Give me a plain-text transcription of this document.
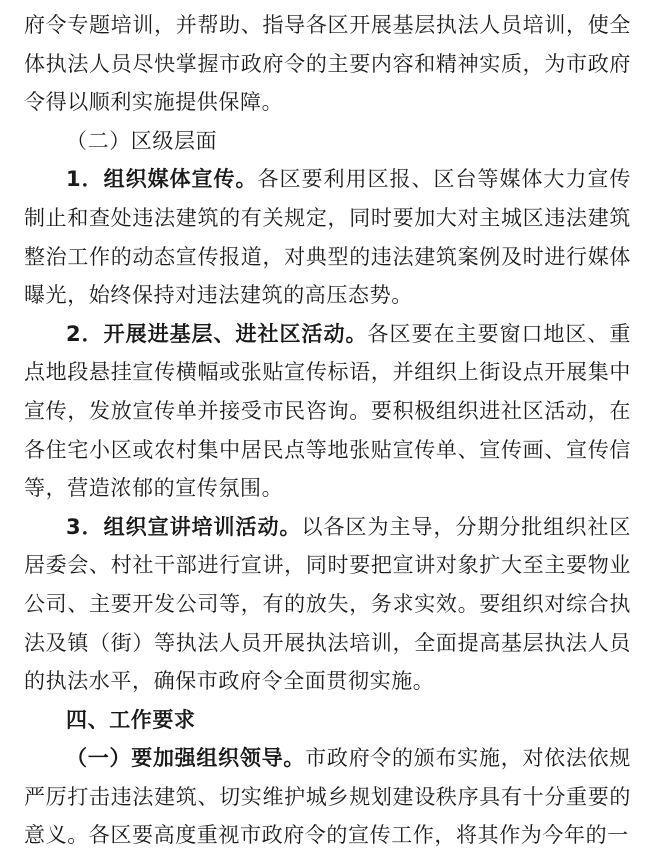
府令专题培训，并帮助、指导各区开展基层执法人员培训，使全体执法人员尽快掌握市政府令的主要内容和精神实质，为市政府令得以顺利实施提供保障。

（二）区级层面

1．组织媒体宣传。各区要利用区报、区台等媒体大力宣传制止和查处违法建筑的有关规定，同时要加大对主城区违法建筑整治工作的动态宣传报道，对典型的违法建筑案例及时进行媒体曝光，始终保持对违法建筑的高压态势。

2．开展进基层、进社区活动。各区要在主要窗口地区、重点地段悬挂宣传横幅或张贴宣传标语，并组织上街设点开展集中宣传，发放宣传单并接受市民咨询。要积极组织进社区活动，在各住宅小区或农村集中居民点等地张贴宣传单、宣传画、宣传信等，营造浓郁的宣传氛围。

3．组织宣讲培训活动。以各区为主导，分期分批组织社区居委会、村社干部进行宣讲，同时要把宣讲对象扩大至主要物业公司、主要开发公司等，有的放失，务求实效。要组织对综合执法及镇（街）等执法人员开展执法培训，全面提高基层执法人员的执法水平，确保市政府令全面贯彻实施。

四、工作要求

（一）要加强组织领导。市政府令的颁布实施，对依法依规严厉打击违法建筑、切实维护城乡规划建设秩序具有十分重要的意义。各区要高度重视市政府令的宣传工作，将其作为今年的一
